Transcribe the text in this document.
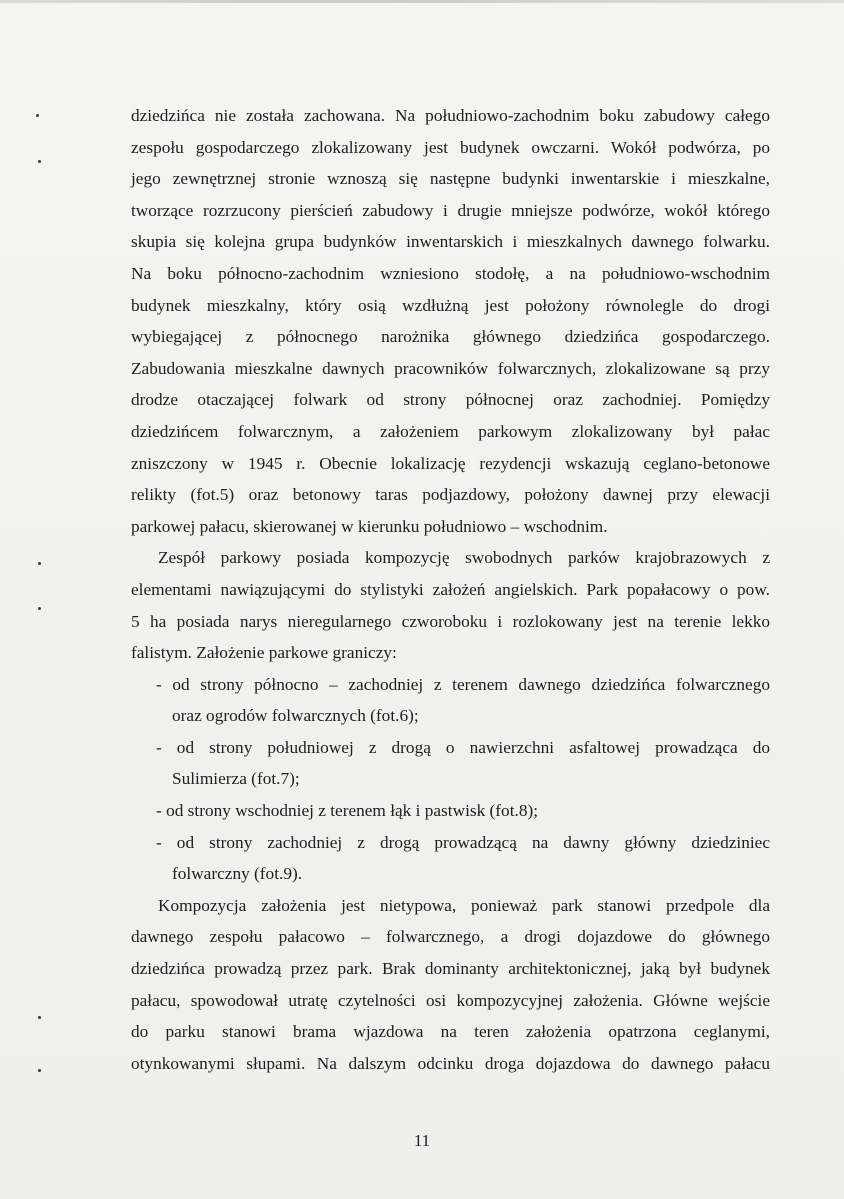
dziedzińca nie została zachowana. Na południowo-zachodnim boku zabudowy całego
zespołu gospodarczego zlokalizowany jest budynek owczarni. Wokół podwórza, po
jego zewnętrznej stronie wznoszą się następne budynki inwentarskie i mieszkalne,
tworzące rozrzucony pierścień zabudowy i drugie mniejsze podwórze, wokół którego
skupia się kolejna grupa budynków inwentarskich i mieszkalnych dawnego folwarku.
Na boku północno-zachodnim wzniesiono stodołę, a na południowo-wschodnim
budynek mieszkalny, który osią wzdłużną jest położony równolegle do drogi
wybiegającej z północnego narożnika głównego dziedzińca gospodarczego.
Zabudowania mieszkalne dawnych pracowników folwarcznych, zlokalizowane są przy
drodze otaczającej folwark od strony północnej oraz zachodniej. Pomiędzy
dziedzińcem folwarcznym, a założeniem parkowym zlokalizowany był pałac
zniszczony w 1945 r. Obecnie lokalizację rezydencji wskazują ceglano-betonowe
relikty (fot.5) oraz betonowy taras podjazdowy, położony dawnej przy elewacji
parkowej pałacu, skierowanej w kierunku południowo – wschodnim.
Zespół parkowy posiada kompozycję swobodnych parków krajobrazowych z
elementami nawiązującymi do stylistyki założeń angielskich. Park popałacowy o pow.
5 ha posiada narys nieregularnego czworoboku i rozlokowany jest na terenie lekko
falistym. Założenie parkowe graniczy:
- od strony północno – zachodniej z terenem dawnego dziedzińca folwarcznego
oraz ogrodów folwarcznych (fot.6);
- od strony południowej z drogą o nawierzchni asfaltowej prowadząca do
Sulimierza (fot.7);
- od strony wschodniej z terenem łąk i pastwisk (fot.8);
- od strony zachodniej z drogą prowadzącą na dawny główny dziedziniec
folwarczny (fot.9).
Kompozycja założenia jest nietypowa, ponieważ park stanowi przedpole dla
dawnego zespołu pałacowo – folwarcznego, a drogi dojazdowe do głównego
dziedzińca prowadzą przez park. Brak dominanty architektonicznej, jaką był budynek
pałacu, spowodował utratę czytelności osi kompozycyjnej założenia. Główne wejście
do parku stanowi brama wjazdowa na teren założenia opatrzona ceglanymi,
otynkowanymi słupami. Na dalszym odcinku droga dojazdowa do dawnego pałacu
11
